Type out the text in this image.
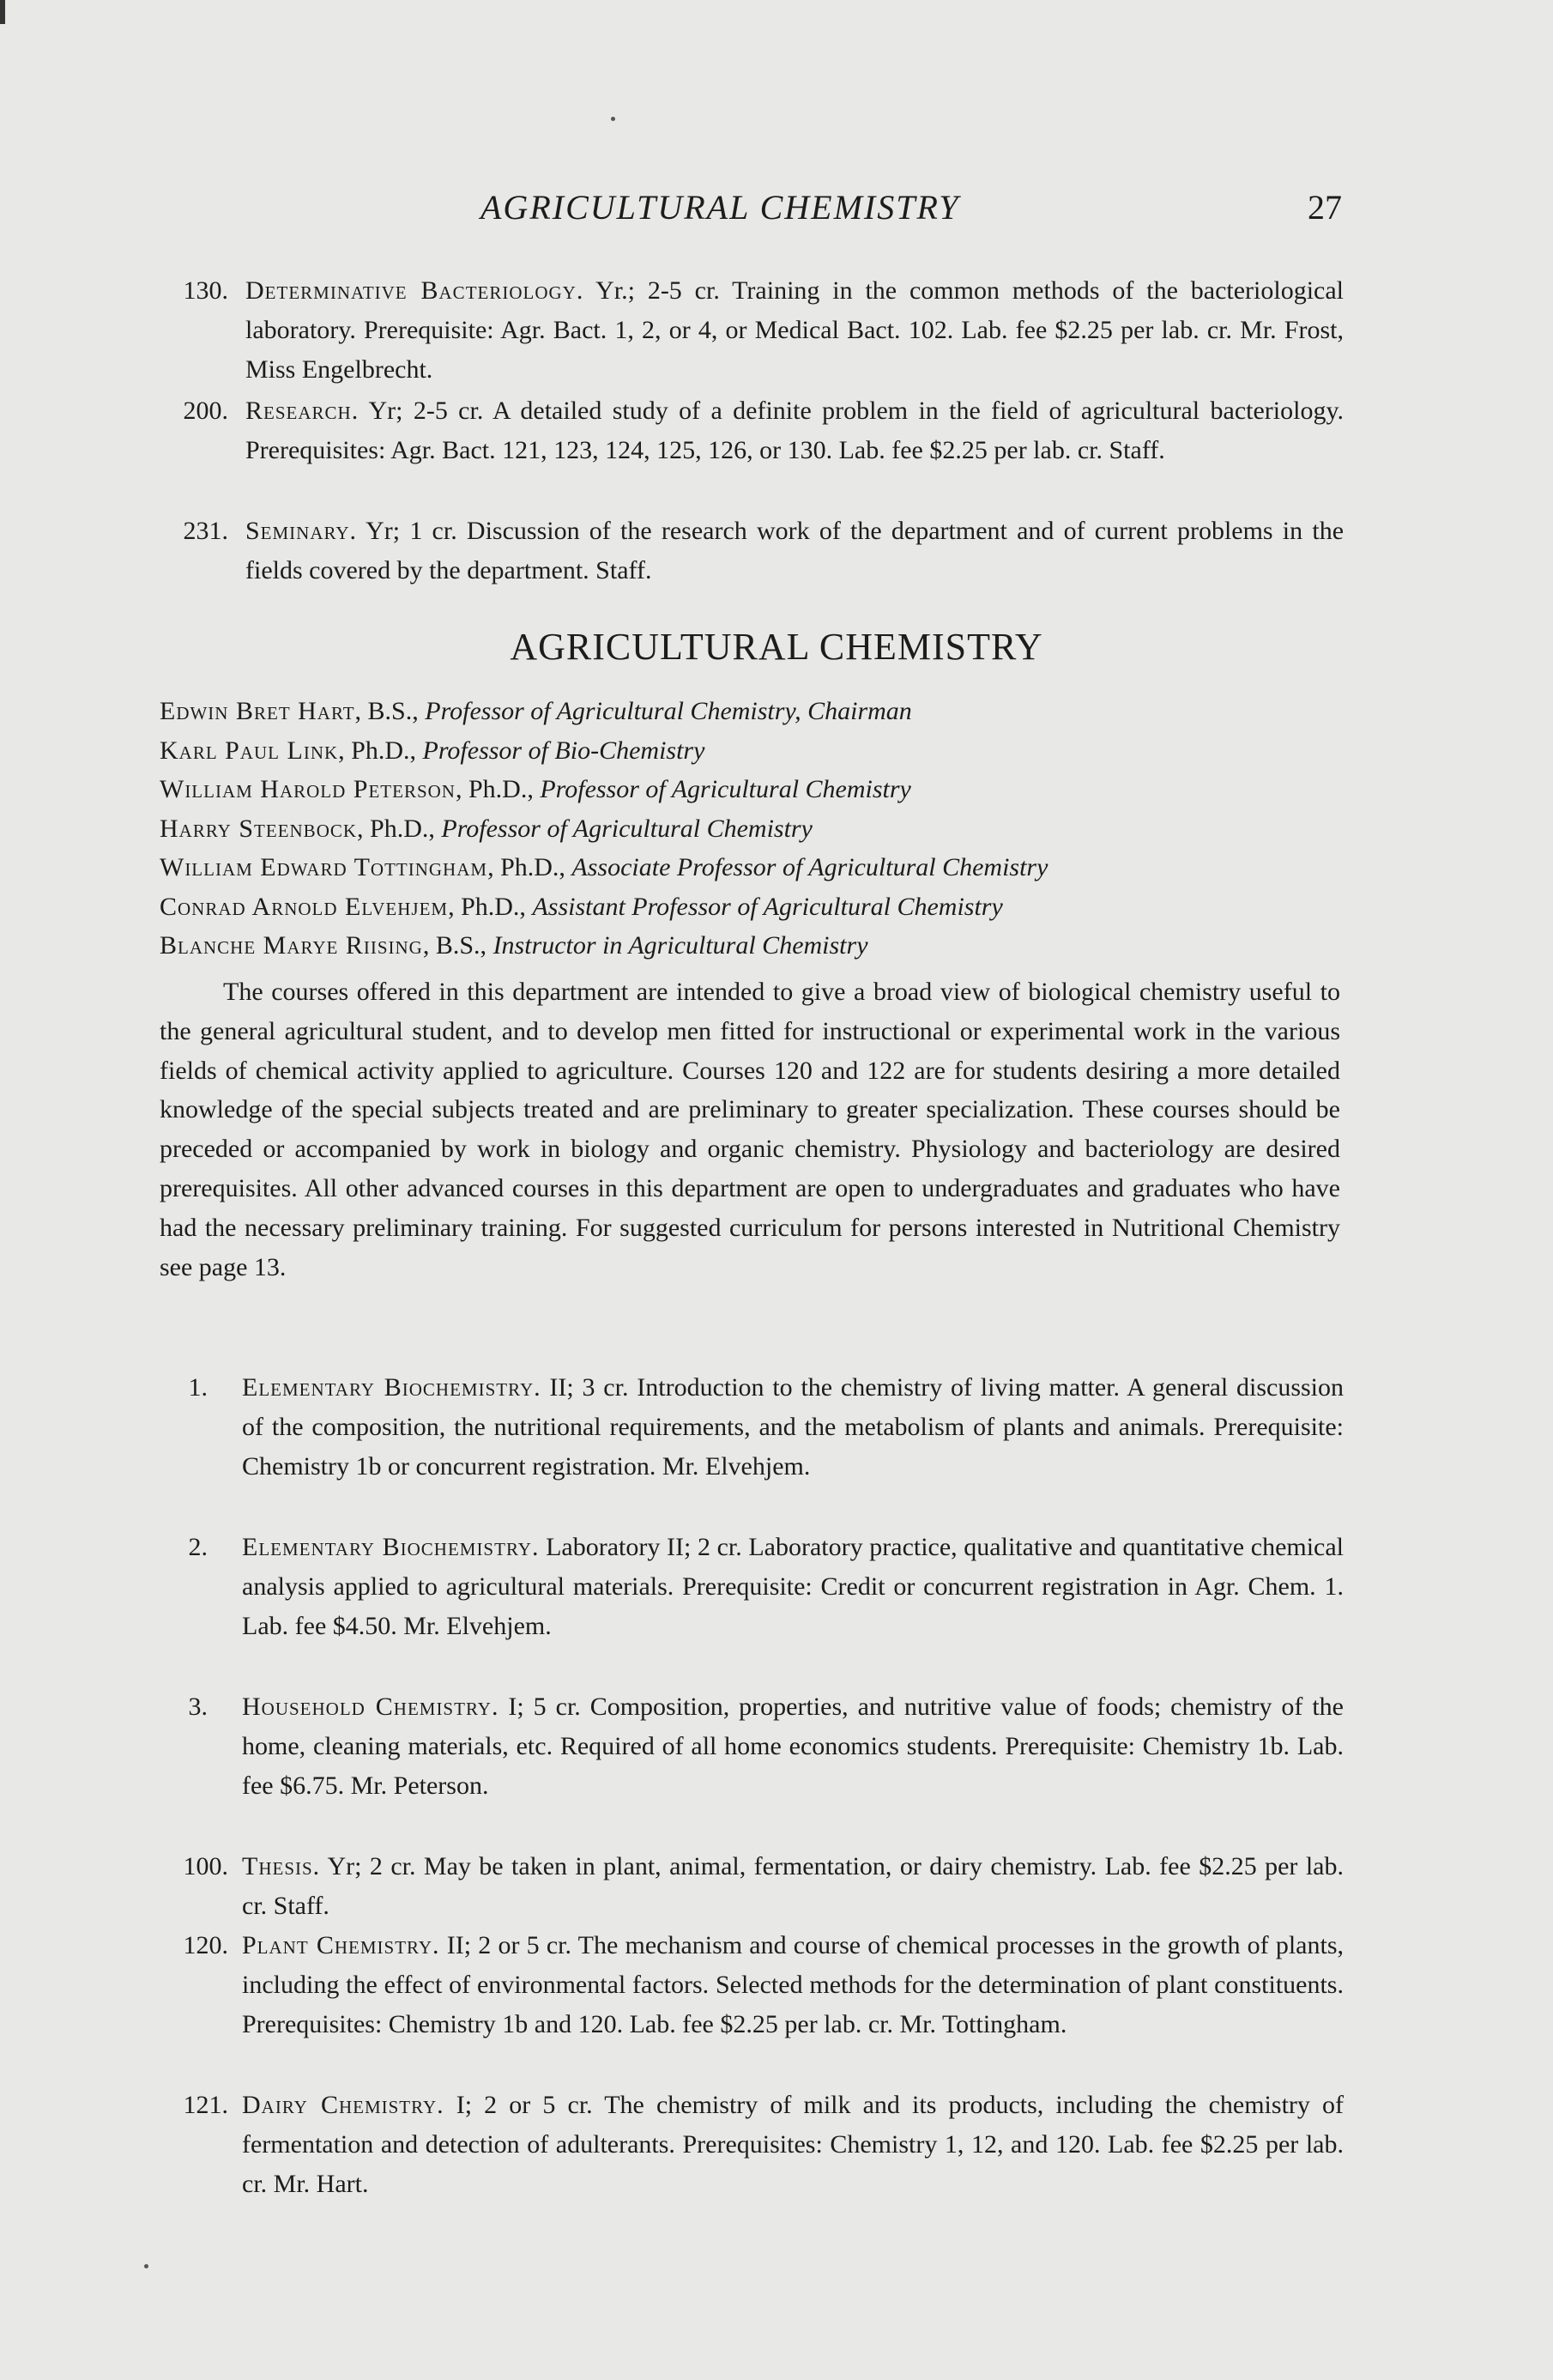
AGRICULTURAL CHEMISTRY	27
130. Determinative Bacteriology. Yr.; 2-5 cr. Training in the common methods of the bacteriological laboratory. Prerequisite: Agr. Bact. 1, 2, or 4, or Medical Bact. 102. Lab. fee $2.25 per lab. cr. Mr. Frost, Miss Engelbrecht.
200. Research. Yr; 2-5 cr. A detailed study of a definite problem in the field of agricultural bacteriology. Prerequisites: Agr. Bact. 121, 123, 124, 125, 126, or 130. Lab. fee $2.25 per lab. cr. Staff.
231. Seminary. Yr; 1 cr. Discussion of the research work of the department and of current problems in the fields covered by the department. Staff.
AGRICULTURAL CHEMISTRY
Edwin Bret Hart, B.S., Professor of Agricultural Chemistry, Chairman
Karl Paul Link, Ph.D., Professor of Bio-Chemistry
William Harold Peterson, Ph.D., Professor of Agricultural Chemistry
Harry Steenbock, Ph.D., Professor of Agricultural Chemistry
William Edward Tottingham, Ph.D., Associate Professor of Agricultural Chemistry
Conrad Arnold Elvehjem, Ph.D., Assistant Professor of Agricultural Chemistry
Blanche Marye Riising, B.S., Instructor in Agricultural Chemistry

The courses offered in this department are intended to give a broad view of biological chemistry useful to the general agricultural student, and to develop men fitted for instructional or experimental work in the various fields of chemical activity applied to agriculture. Courses 120 and 122 are for students desiring a more detailed knowledge of the special subjects treated and are preliminary to greater specialization. These courses should be preceded or accompanied by work in biology and organic chemistry. Physiology and bacteriology are desired prerequisites. All other advanced courses in this department are open to undergraduates and graduates who have had the necessary preliminary training. For suggested curriculum for persons interested in Nutritional Chemistry see page 13.

1. Elementary Biochemistry. II; 3 cr. Introduction to the chemistry of living matter. A general discussion of the composition, the nutritional requirements, and the metabolism of plants and animals. Prerequisite: Chemistry 1b or concurrent registration. Mr. Elvehjem.
2. Elementary Biochemistry. Laboratory II; 2 cr. Laboratory practice, qualitative and quantitative chemical analysis applied to agricultural materials. Prerequisite: Credit or concurrent registration in Agr. Chem. 1. Lab. fee $4.50. Mr. Elvehjem.
3. Household Chemistry. I; 5 cr. Composition, properties, and nutritive value of foods; chemistry of the home, cleaning materials, etc. Required of all home economics students. Prerequisite: Chemistry 1b. Lab. fee $6.75. Mr. Peterson.
100. Thesis. Yr; 2 cr. May be taken in plant, animal, fermentation, or dairy chemistry. Lab. fee $2.25 per lab. cr. Staff.
120. Plant Chemistry. II; 2 or 5 cr. The mechanism and course of chemical processes in the growth of plants, including the effect of environmental factors. Selected methods for the determination of plant constituents. Prerequisites: Chemistry 1b and 120. Lab. fee $2.25 per lab. cr. Mr. Tottingham.
121. Dairy Chemistry. I; 2 or 5 cr. The chemistry of milk and its products, including the chemistry of fermentation and detection of adulterants. Prerequisites: Chemistry 1, 12, and 120. Lab. fee $2.25 per lab. cr. Mr. Hart.
